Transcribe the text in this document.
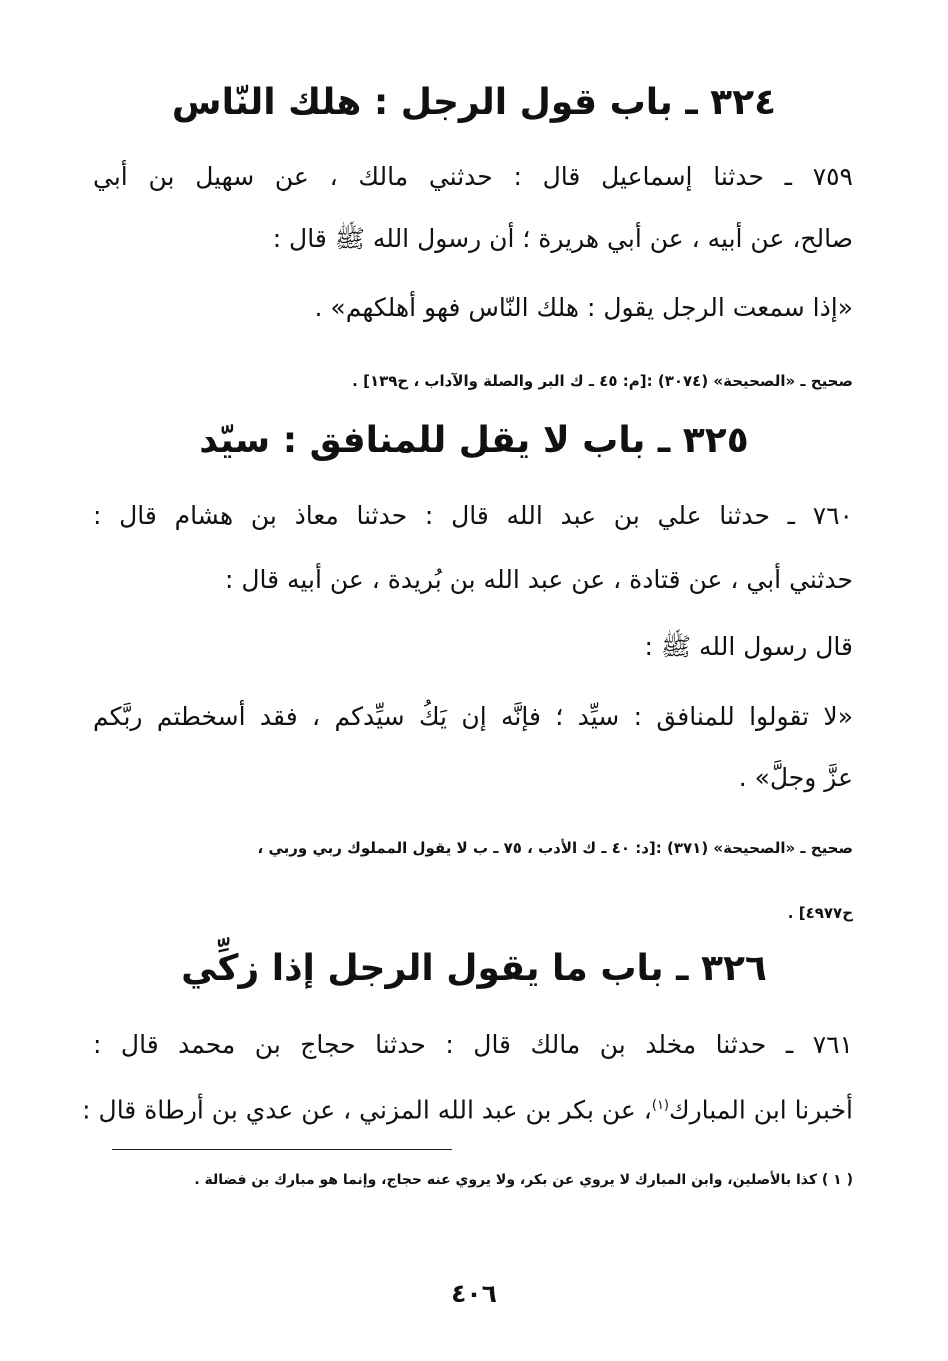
٣٢٤ ـ باب قول الرجل : هلك النّاس

٧٥٩ ـ حدثنا إسماعيل قال : حدثني مالك ، عن سهيل بن أبي

صالح، عن أبيه ، عن أبي هريرة ؛ أن رسول الله ﷺ قال :

«إذا سمعت الرجل يقول : هلك النّاس فهو أهلكهم» .

صحيح ـ «الصحيحة» (٣٠٧٤) :[م: ٤٥ ـ ك البر والصلة والآداب ، ح١٣٩] .

٣٢٥ ـ باب لا يقل للمنافق : سيّد

٧٦٠ ـ حدثنا علي بن عبد الله قال : حدثنا معاذ بن هشام قال :

حدثني أبي ، عن قتادة ، عن عبد الله بن بُريدة ، عن أبيه قال :

قال رسول الله ﷺ :

«لا تقولوا للمنافق : سيِّد ؛ فإنَّه إن يَكُ سيِّدكم ، فقد أسخطتم ربَّكم

عزَّ وجلَّ» .

صحيح ـ «الصحيحة» (٣٧١) :[د: ٤٠ ـ ك الأدب ، ٧٥ ـ ب لا يقول المملوك ربي وربي ،

ح٤٩٧٧] .

٣٢٦ ـ باب ما يقول الرجل إذا زكِّي

٧٦١ ـ حدثنا مخلد بن مالك قال : حدثنا حجاج بن محمد قال :

أخبرنا ابن المبارك$^{(١)}$، عن بكر بن عبد الله المزني ، عن عدي بن أرطاة قال :

( ١ ) كذا بالأصلين، وابن المبارك لا يروي عن بكر، ولا يروي عنه حجاج، وإنما هو مبارك بن فضالة .

٤٠٦
